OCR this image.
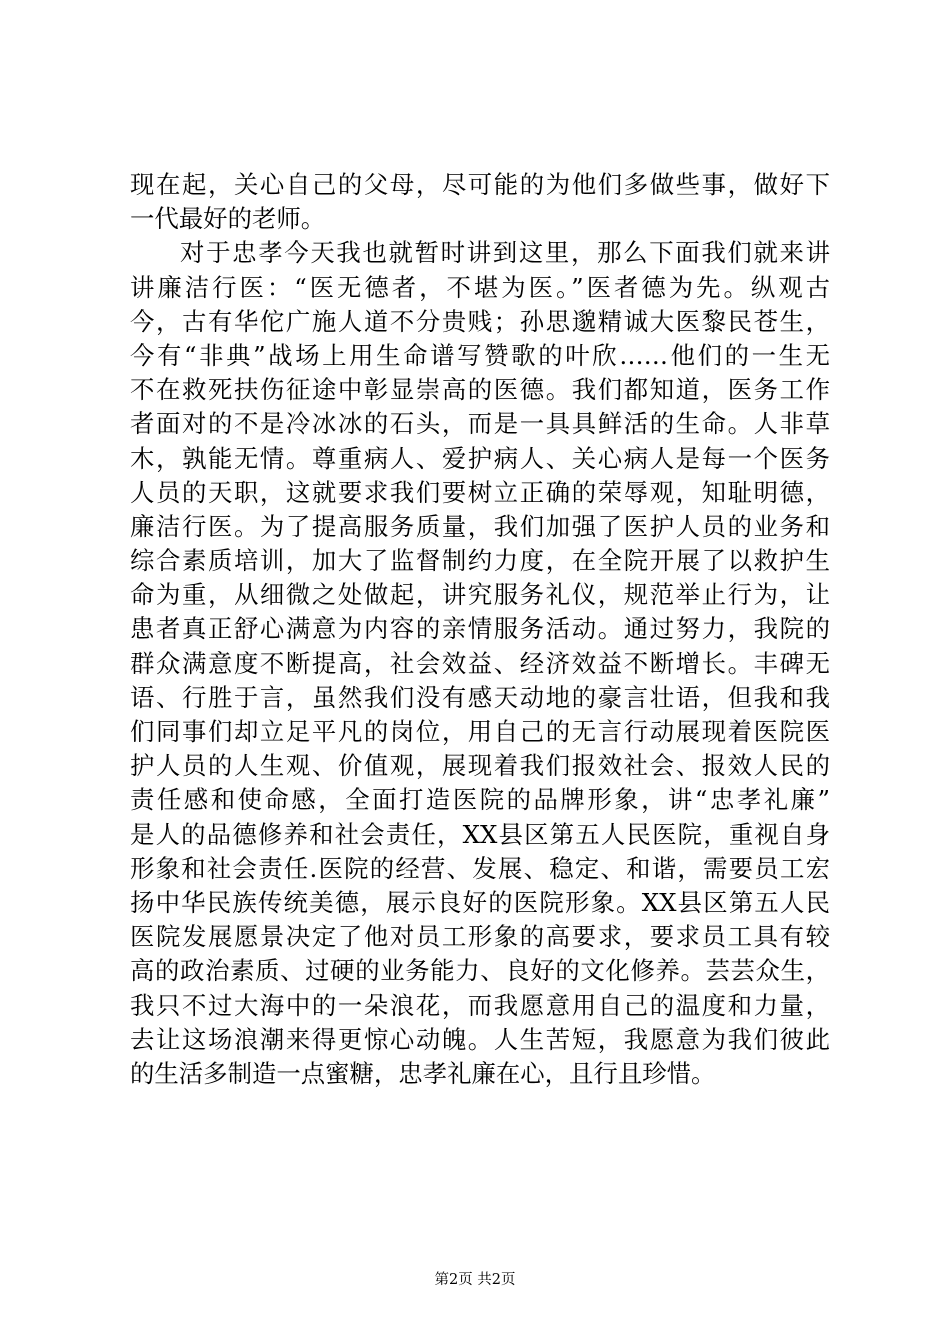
现在起，关心自己的父母，尽可能的为他们多做些事，做好下
一代最好的老师。
对于忠孝今天我也就暂时讲到这里，那么下面我们就来讲
讲廉洁行医：“医无德者，不堪为医。”医者德为先。纵观古
今，古有华佗广施人道不分贵贱；孙思邈精诚大医黎民苍生，
今有“非典”战场上用生命谱写赞歌的叶欣……他们的一生无
不在救死扶伤征途中彰显崇高的医德。我们都知道，医务工作
者面对的不是冷冰冰的石头，而是一具具鲜活的生命。人非草
木，孰能无情。尊重病人、爱护病人、关心病人是每一个医务
人员的天职，这就要求我们要树立正确的荣辱观，知耻明德，
廉洁行医。为了提高服务质量，我们加强了医护人员的业务和
综合素质培训，加大了监督制约力度，在全院开展了以救护生
命为重，从细微之处做起，讲究服务礼仪，规范举止行为，让
患者真正舒心满意为内容的亲情服务活动。通过努力，我院的
群众满意度不断提高，社会效益、经济效益不断增长。丰碑无
语、行胜于言，虽然我们没有感天动地的豪言壮语，但我和我
们同事们却立足平凡的岗位，用自己的无言行动展现着医院医
护人员的人生观、价值观，展现着我们报效社会、报效人民的
责任感和使命感，全面打造医院的品牌形象，讲“忠孝礼廉”
是人的品德修养和社会责任，XX县区第五人民医院，重视自身
形象和社会责任.医院的经营、发展、稳定、和谐，需要员工宏
扬中华民族传统美德，展示良好的医院形象。XX县区第五人民
医院发展愿景决定了他对员工形象的高要求，要求员工具有较
高的政治素质、过硬的业务能力、良好的文化修养。芸芸众生，
我只不过大海中的一朵浪花，而我愿意用自己的温度和力量，
去让这场浪潮来得更惊心动魄。人生苦短，我愿意为我们彼此
的生活多制造一点蜜糖，忠孝礼廉在心，且行且珍惜。
第2页 共2页
